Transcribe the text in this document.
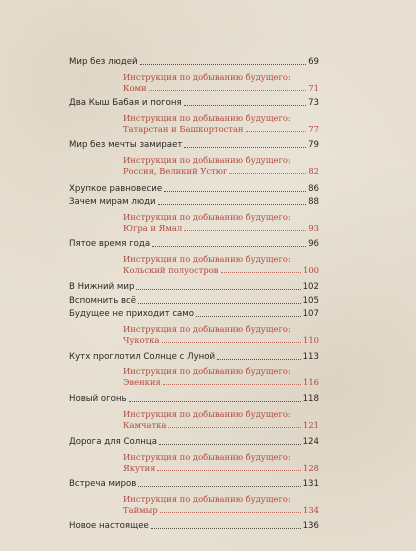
Мир без людей	69
Инструкция по добыванию будущего:
Коми	71
Два Кыш Бабая и погоня	73
Инструкция по добыванию будущего:
Татарстан и Башкортостан	77
Мир без мечты замирает	79
Инструкция по добыванию будущего:
Россия, Великий Устюг	82
Хрупкое равновесие	86
Зачем мирам люди	88
Инструкция по добыванию будущего:
Югра и Ямал	93
Пятое время года	96
Инструкция по добыванию будущего:
Кольский полуостров	100
В Нижний мир	102
Вспомнить всё	105
Будущее не приходит само	107
Инструкция по добыванию будущего:
Чукотка	110
Кутх проглотил Солнце с Луной	113
Инструкция по добыванию будущего:
Эвенкия	116
Новый огонь	118
Инструкция по добыванию будущего:
Камчатка	121
Дорога для Солнца	124
Инструкция по добыванию будущего:
Якутия	128
Встреча миров	131
Инструкция по добыванию будущего:
Таймыр	134
Новое настоящее	136
